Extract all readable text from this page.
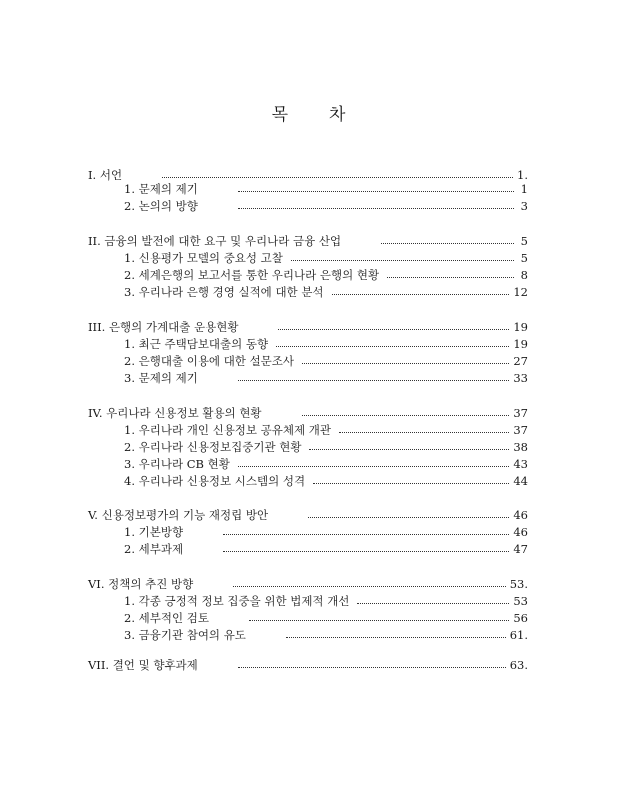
목 차
I. 서언	1.
1. 문제의 제기	1
2. 논의의 방향	3
II. 금융의 발전에 대한 요구 및 우리나라 금융 산업	5
1. 신용평가 모델의 중요성 고찰	5
2. 세계은행의 보고서를 통한 우리나라 은행의 현황	8
3. 우리나라 은행 경영 실적에 대한 분석	12
III. 은행의 가계대출 운용현황	19
1. 최근 주택담보대출의 동향	19
2. 은행대출 이용에 대한 설문조사	27
3. 문제의 제기	33
IV. 우리나라 신용정보 활용의 현황	37
1. 우리나라 개인 신용정보 공유체제 개관	37
2. 우리나라 신용정보집중기관 현황	38
3. 우리나라 CB 현황	43
4. 우리나라 신용정보 시스템의 성격	44
V. 신용정보평가의 기능 재정립 방안	46
1. 기본방향	46
2. 세부과제	47
VI. 정책의 추진 방향	53.
1. 각종 긍정적 정보 집중을 위한 법제적 개선	53
2. 세부적인 검토	56
3. 금융기관 참여의 유도	61.
VII. 결언 및 향후과제	63.
